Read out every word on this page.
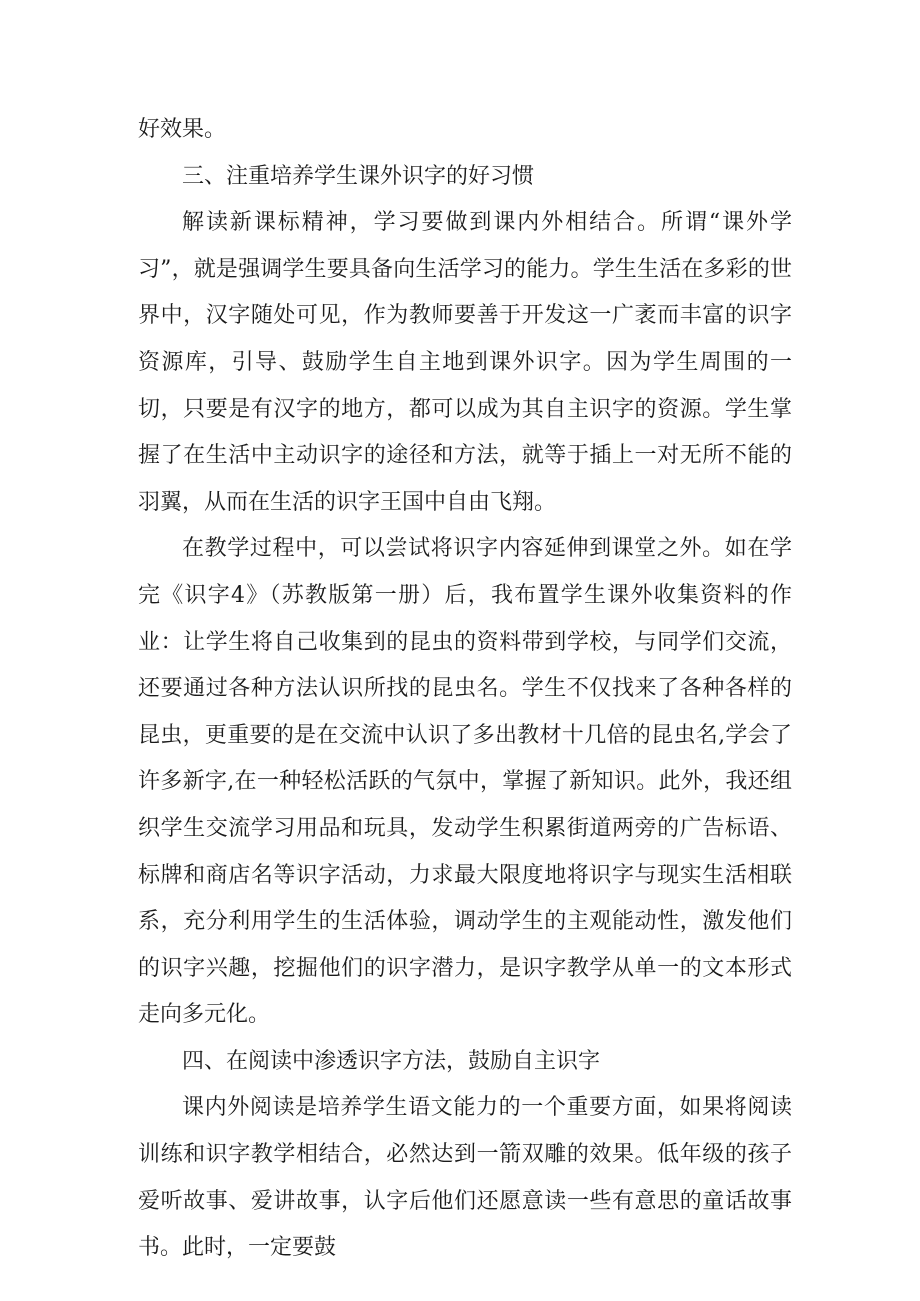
好效果。

三、注重培养学生课外识字的好习惯

解读新课标精神，学习要做到课内外相结合。所谓“课外学习”，就是强调学生要具备向生活学习的能力。学生生活在多彩的世界中，汉字随处可见，作为教师要善于开发这一广袤而丰富的识字资源库，引导、鼓励学生自主地到课外识字。因为学生周围的一切，只要是有汉字的地方，都可以成为其自主识字的资源。学生掌握了在生活中主动识字的途径和方法，就等于插上一对无所不能的羽翼，从而在生活的识字王国中自由飞翔。

在教学过程中，可以尝试将识字内容延伸到课堂之外。如在学完《识字4》（苏教版第一册）后，我布置学生课外收集资料的作业：让学生将自己收集到的昆虫的资料带到学校，与同学们交流，还要通过各种方法认识所找的昆虫名。学生不仅找来了各种各样的昆虫，更重要的是在交流中认识了多出教材十几倍的昆虫名,学会了许多新字,在一种轻松活跃的气氛中，掌握了新知识。此外，我还组织学生交流学习用品和玩具，发动学生积累街道两旁的广告标语、标牌和商店名等识字活动，力求最大限度地将识字与现实生活相联系，充分利用学生的生活体验，调动学生的主观能动性，激发他们的识字兴趣，挖掘他们的识字潜力，是识字教学从单一的文本形式走向多元化。

四、在阅读中渗透识字方法，鼓励自主识字

课内外阅读是培养学生语文能力的一个重要方面，如果将阅读训练和识字教学相结合，必然达到一箭双雕的效果。低年级的孩子爱听故事、爱讲故事，认字后他们还愿意读一些有意思的童话故事书。此时，一定要鼓
